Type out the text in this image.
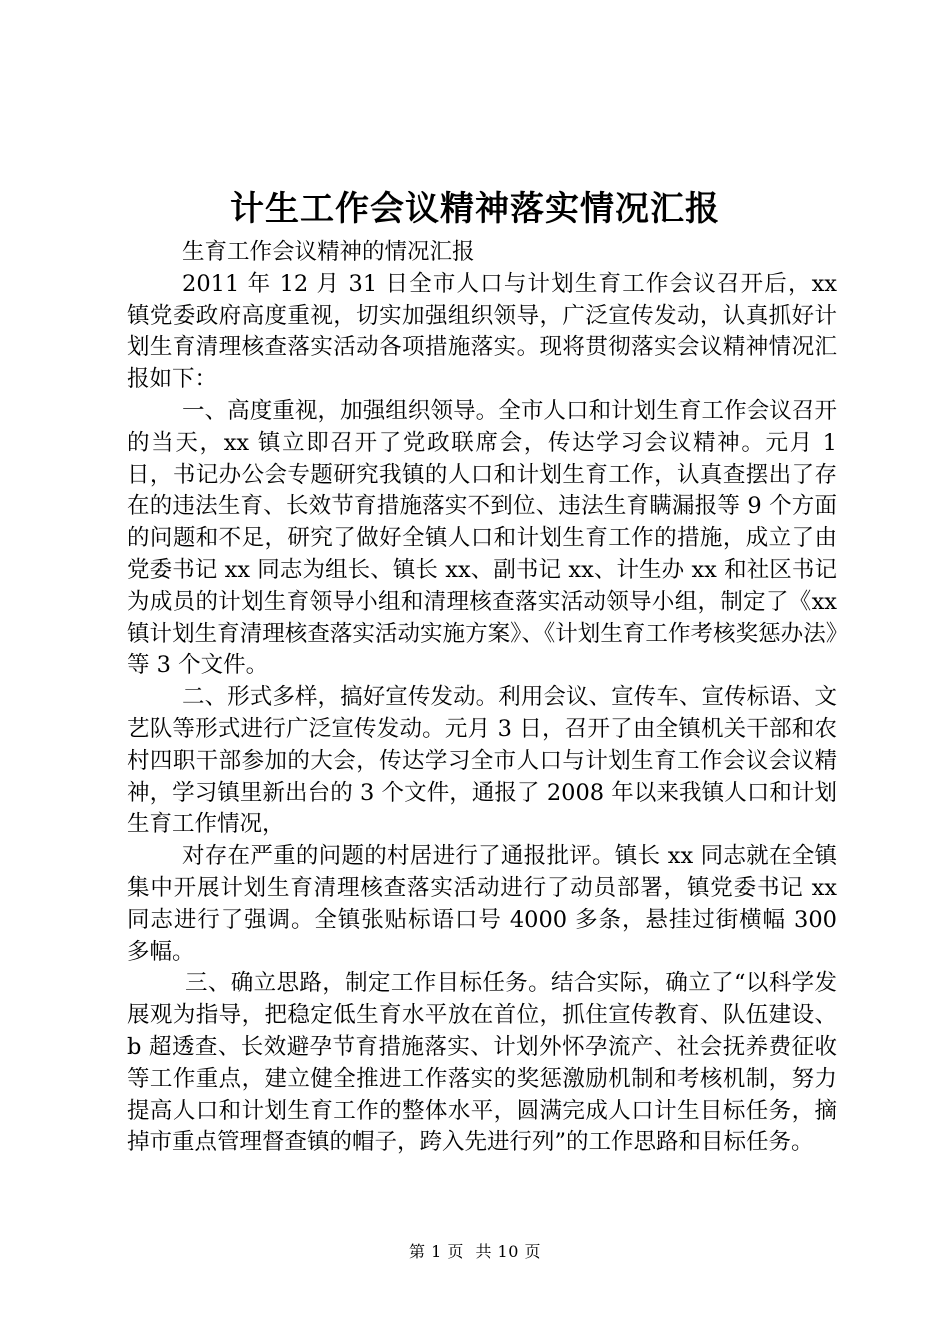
计生工作会议精神落实情况汇报

生育工作会议精神的情况汇报

2011 年 12 月 31 日全市人口与计划生育工作会议召开后，xx 镇党委政府高度重视，切实加强组织领导，广泛宣传发动，认真抓好计划生育清理核查落实活动各项措施落实。现将贯彻落实会议精神情况汇报如下：

一、高度重视，加强组织领导。全市人口和计划生育工作会议召开的当天，xx 镇立即召开了党政联席会，传达学习会议精神。元月 1 日，书记办公会专题研究我镇的人口和计划生育工作，认真查摆出了存在的违法生育、长效节育措施落实不到位、违法生育瞒漏报等 9 个方面的问题和不足，研究了做好全镇人口和计划生育工作的措施，成立了由党委书记 xx 同志为组长、镇长 xx、副书记 xx、计生办 xx 和社区书记为成员的计划生育领导小组和清理核查落实活动领导小组，制定了《xx 镇计划生育清理核查落实活动实施方案》、《计划生育工作考核奖惩办法》等 3 个文件。

二、形式多样，搞好宣传发动。利用会议、宣传车、宣传标语、文艺队等形式进行广泛宣传发动。元月 3 日，召开了由全镇机关干部和农村四职干部参加的大会，传达学习全市人口与计划生育工作会议会议精神，学习镇里新出台的 3 个文件，通报了 2008 年以来我镇人口和计划生育工作情况，

对存在严重的问题的村居进行了通报批评。镇长 xx 同志就在全镇集中开展计划生育清理核查落实活动进行了动员部署，镇党委书记 xx 同志进行了强调。全镇张贴标语口号 4000 多条，悬挂过街横幅 300 多幅。

三、确立思路，制定工作目标任务。结合实际，确立了“以科学发展观为指导，把稳定低生育水平放在首位，抓住宣传教育、队伍建设、b 超透查、长效避孕节育措施落实、计划外怀孕流产、社会抚养费征收等工作重点，建立健全推进工作落实的奖惩激励机制和考核机制，努力提高人口和计划生育工作的整体水平，圆满完成人口计生目标任务，摘掉市重点管理督查镇的帽子，跨入先进行列”的工作思路和目标任务。

第 1 页 共 10 页
